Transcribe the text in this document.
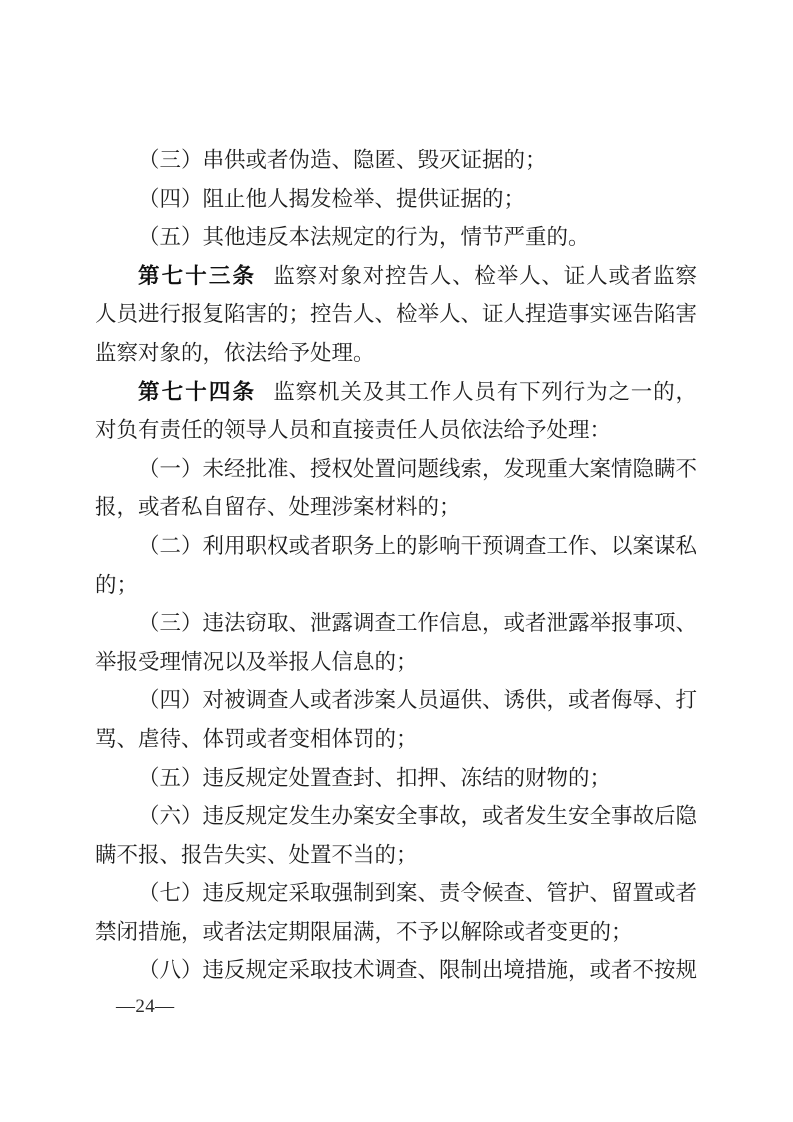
（三）串供或者伪造、隐匿、毁灭证据的；

（四）阻止他人揭发检举、提供证据的；

（五）其他违反本法规定的行为，情节严重的。

第七十三条 监察对象对控告人、检举人、证人或者监察人员进行报复陷害的；控告人、检举人、证人捏造事实诬告陷害监察对象的，依法给予处理。

第七十四条 监察机关及其工作人员有下列行为之一的，对负有责任的领导人员和直接责任人员依法给予处理：

（一）未经批准、授权处置问题线索，发现重大案情隐瞒不报，或者私自留存、处理涉案材料的；

（二）利用职权或者职务上的影响干预调查工作、以案谋私的；

（三）违法窃取、泄露调查工作信息，或者泄露举报事项、举报受理情况以及举报人信息的；

（四）对被调查人或者涉案人员逼供、诱供，或者侮辱、打骂、虐待、体罚或者变相体罚的；

（五）违反规定处置查封、扣押、冻结的财物的；

（六）违反规定发生办案安全事故，或者发生安全事故后隐瞒不报、报告失实、处置不当的；

（七）违反规定采取强制到案、责令候查、管护、留置或者禁闭措施，或者法定期限届满，不予以解除或者变更的；

（八）违反规定采取技术调查、限制出境措施，或者不按规

—24—
